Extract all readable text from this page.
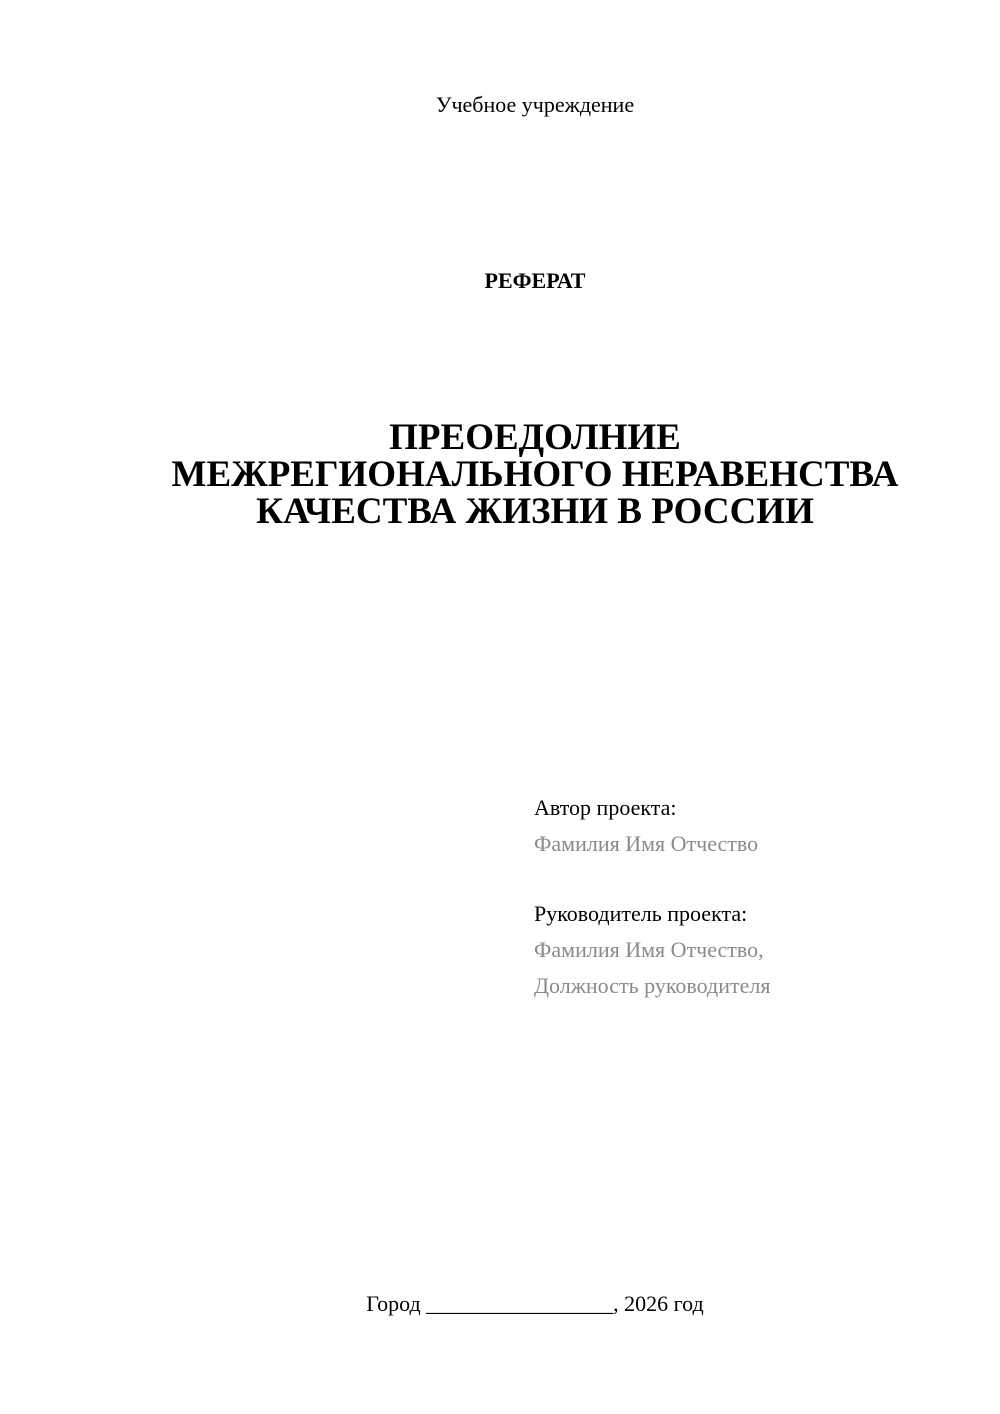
Учебное учреждение
РЕФЕРАТ
ПРЕОЕДОЛНИЕ
МЕЖРЕГИОНАЛЬНОГО НЕРАВЕНСТВА
КАЧЕСТВА ЖИЗНИ В РОССИИ
Автор проекта:
Фамилия Имя Отчество
Руководитель проекта:
Фамилия Имя Отчество,
Должность руководителя
Город _________________, 2026 год
